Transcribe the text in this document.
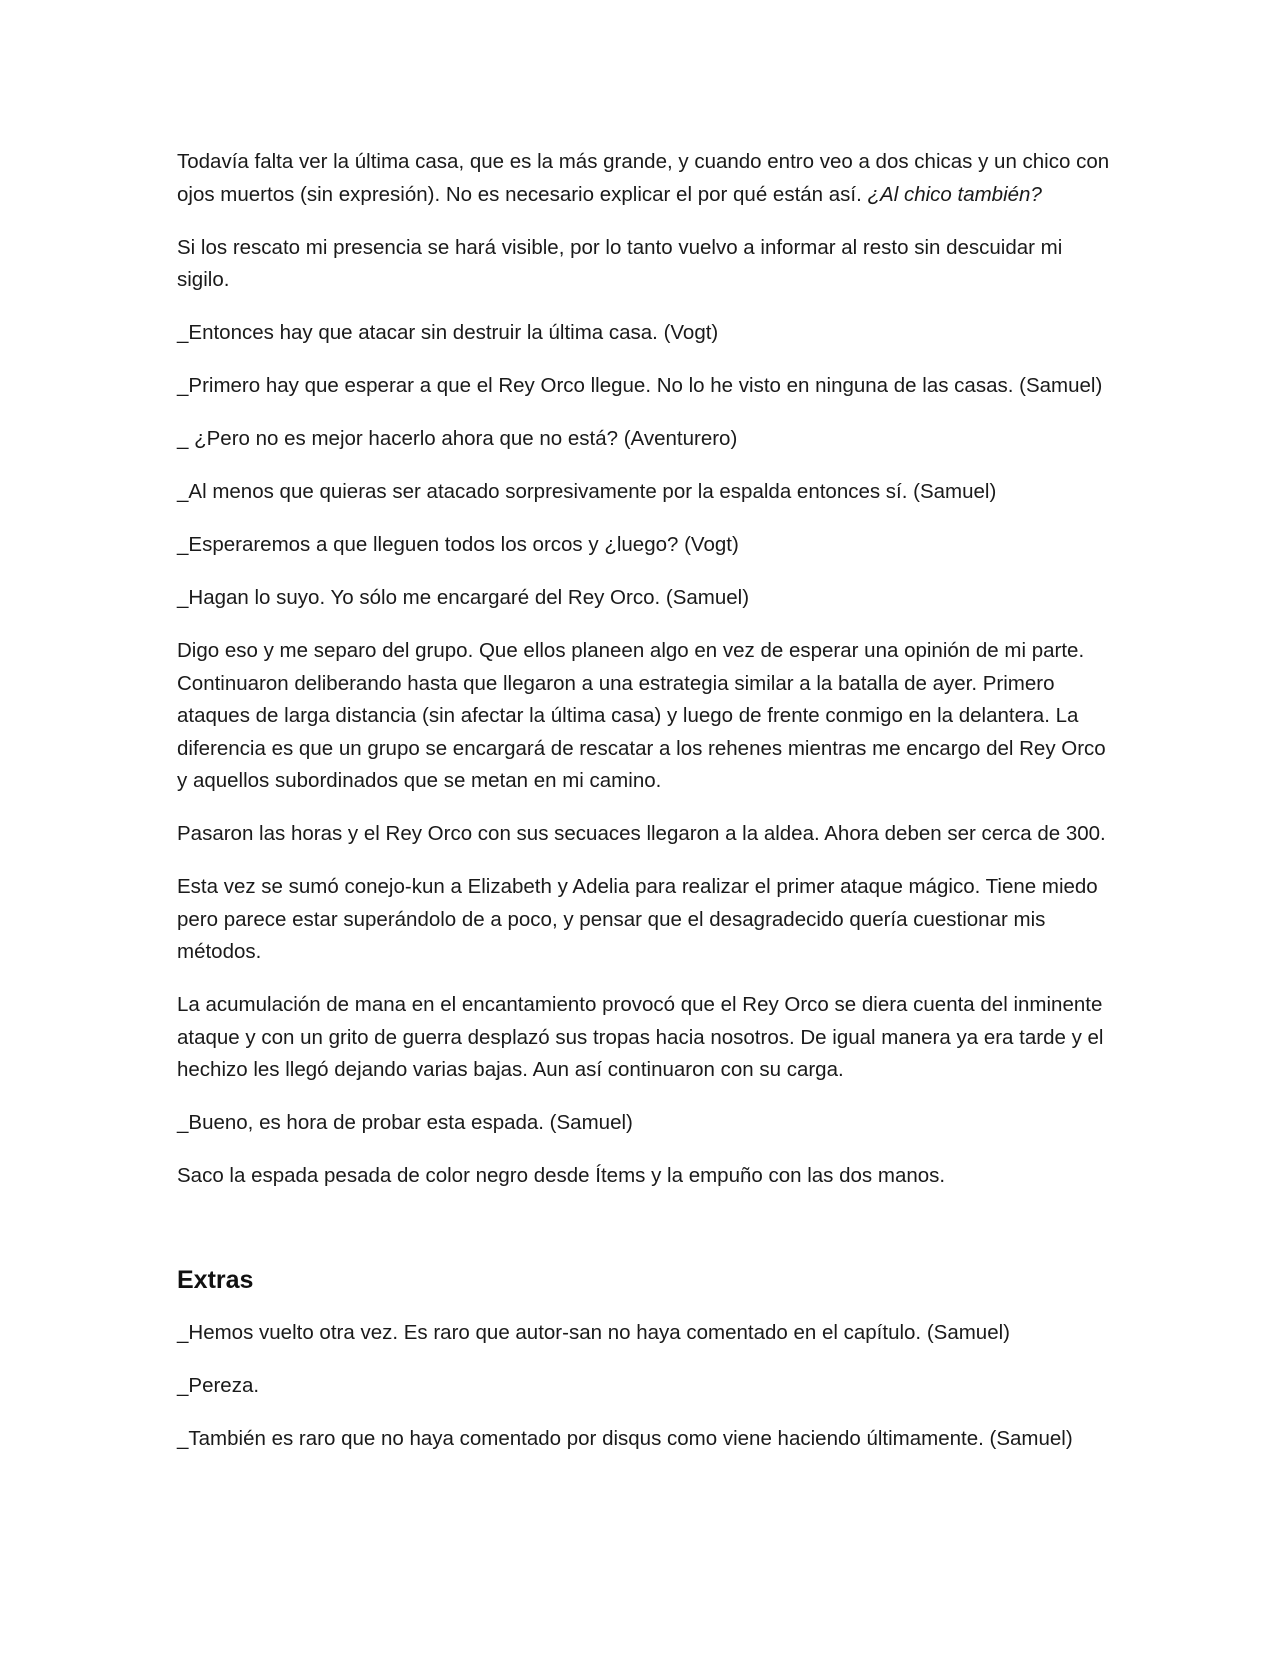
Todavía falta ver la última casa, que es la más grande, y cuando entro veo a dos chicas y un chico con ojos muertos (sin expresión). No es necesario explicar el por qué están así. ¿Al chico también?

Si los rescato mi presencia se hará visible, por lo tanto vuelvo a informar al resto sin descuidar mi sigilo.

_Entonces hay que atacar sin destruir la última casa. (Vogt)

_Primero hay que esperar a que el Rey Orco llegue. No lo he visto en ninguna de las casas. (Samuel)

_ ¿Pero no es mejor hacerlo ahora que no está? (Aventurero)

_Al menos que quieras ser atacado sorpresivamente por la espalda entonces sí. (Samuel)

_Esperaremos a que lleguen todos los orcos y ¿luego? (Vogt)

_Hagan lo suyo. Yo sólo me encargaré del Rey Orco. (Samuel)

Digo eso y me separo del grupo. Que ellos planeen algo en vez de esperar una opinión de mi parte. Continuaron deliberando hasta que llegaron a una estrategia similar a la batalla de ayer. Primero ataques de larga distancia (sin afectar la última casa) y luego de frente conmigo en la delantera. La diferencia es que un grupo se encargará de rescatar a los rehenes mientras me encargo del Rey Orco y aquellos subordinados que se metan en mi camino.

Pasaron las horas y el Rey Orco con sus secuaces llegaron a la aldea. Ahora deben ser cerca de 300.

Esta vez se sumó conejo-kun a Elizabeth y Adelia para realizar el primer ataque mágico. Tiene miedo pero parece estar superándolo de a poco, y pensar que el desagradecido quería cuestionar mis métodos.

La acumulación de mana en el encantamiento provocó que el Rey Orco se diera cuenta del inminente ataque y con un grito de guerra desplazó sus tropas hacia nosotros. De igual manera ya era tarde y el hechizo les llegó dejando varias bajas. Aun así continuaron con su carga.

_Bueno, es hora de probar esta espada. (Samuel)

Saco la espada pesada de color negro desde Ítems y la empuño con las dos manos.

Extras

_Hemos vuelto otra vez. Es raro que autor-san no haya comentado en el capítulo. (Samuel)

_Pereza.

_También es raro que no haya comentado por disqus como viene haciendo últimamente. (Samuel)
